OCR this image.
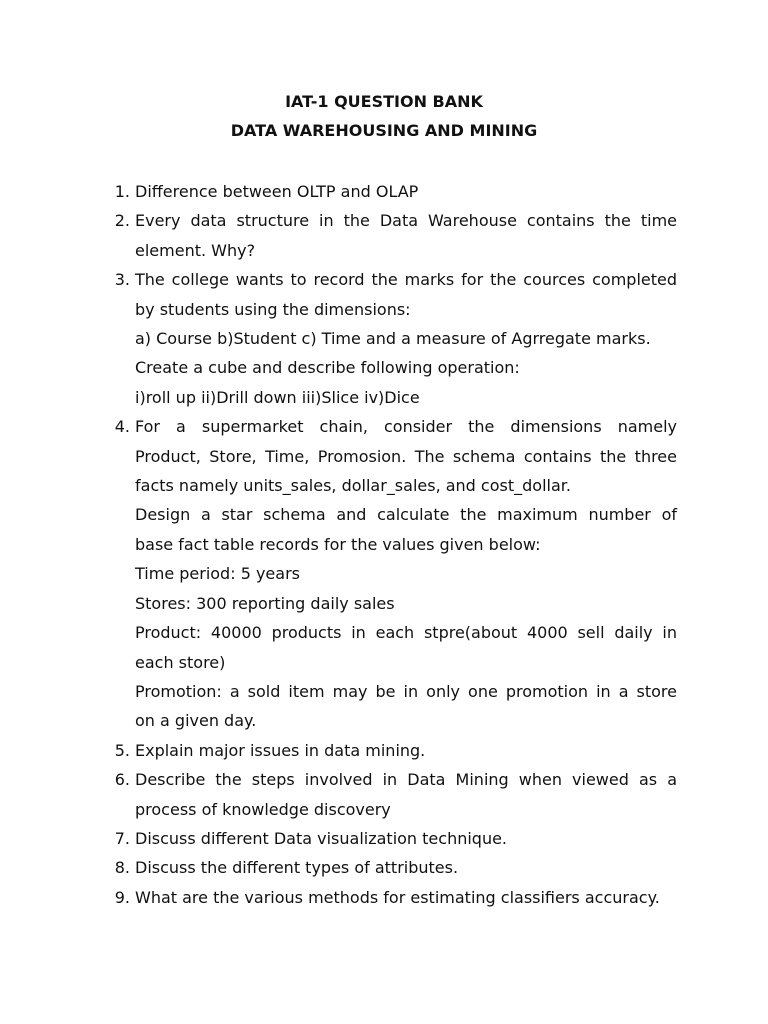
IAT-1 QUESTION BANK
DATA WAREHOUSING AND MINING
1. Difference between OLTP and OLAP
2. Every data structure in the Data Warehouse contains the time
element. Why?
3. The college wants to record the marks for the cources completed
by students using the dimensions:
a) Course b)Student c) Time and a measure of Agrregate marks.
Create a cube and describe following operation:
i)roll up ii)Drill down iii)Slice iv)Dice
4. For a supermarket chain, consider the dimensions namely
Product, Store, Time, Promosion. The schema contains the three
facts namely units_sales, dollar_sales, and cost_dollar.
Design a star schema and calculate the maximum number of
base fact table records for the values given below:
Time period: 5 years
Stores: 300 reporting daily sales
Product: 40000 products in each stpre(about 4000 sell daily in
each store)
Promotion: a sold item may be in only one promotion in a store
on a given day.
5. Explain major issues in data mining.
6. Describe the steps involved in Data Mining when viewed as a
process of knowledge discovery
7. Discuss different Data visualization technique.
8. Discuss the different types of attributes.
9. What are the various methods for estimating classifiers accuracy.
